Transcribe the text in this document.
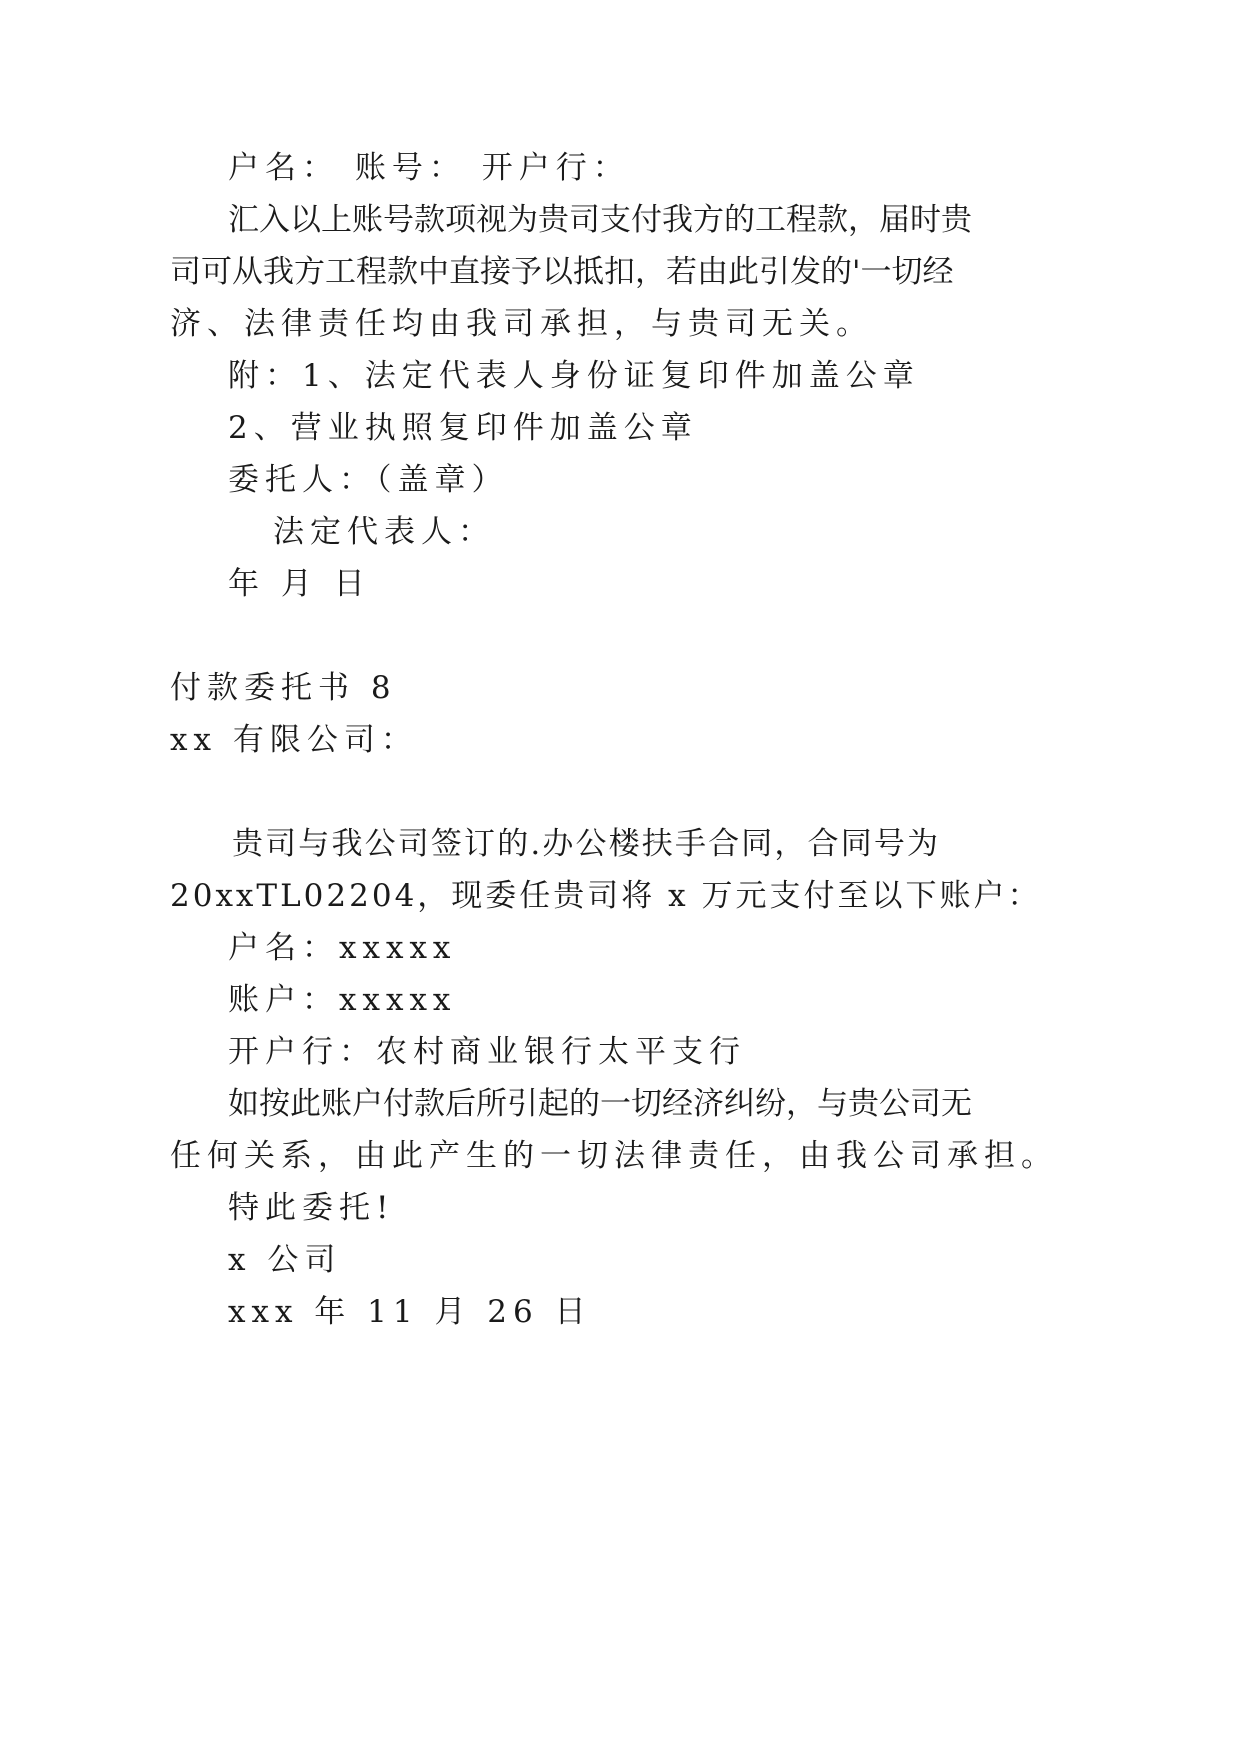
户名： 账号： 开户行：
汇入以上账号款项视为贵司支付我方的工程款，届时贵
司可从我方工程款中直接予以抵扣，若由此引发的'一切经
济、法律责任均由我司承担，与贵司无关。
附：1、法定代表人身份证复印件加盖公章
2、营业执照复印件加盖公章
委托人：（盖章）
法定代表人：
年 月 日
付款委托书 8
xx 有限公司：
贵司与我公司签订的.办公楼扶手合同，合同号为
20xxTL02204，现委任贵司将 x 万元支付至以下账户：
户名：xxxxx
账户：xxxxx
开户行：农村商业银行太平支行
如按此账户付款后所引起的一切经济纠纷，与贵公司无
任何关系，由此产生的一切法律责任，由我公司承担。
特此委托!
x 公司
xxx 年 11 月 26 日
